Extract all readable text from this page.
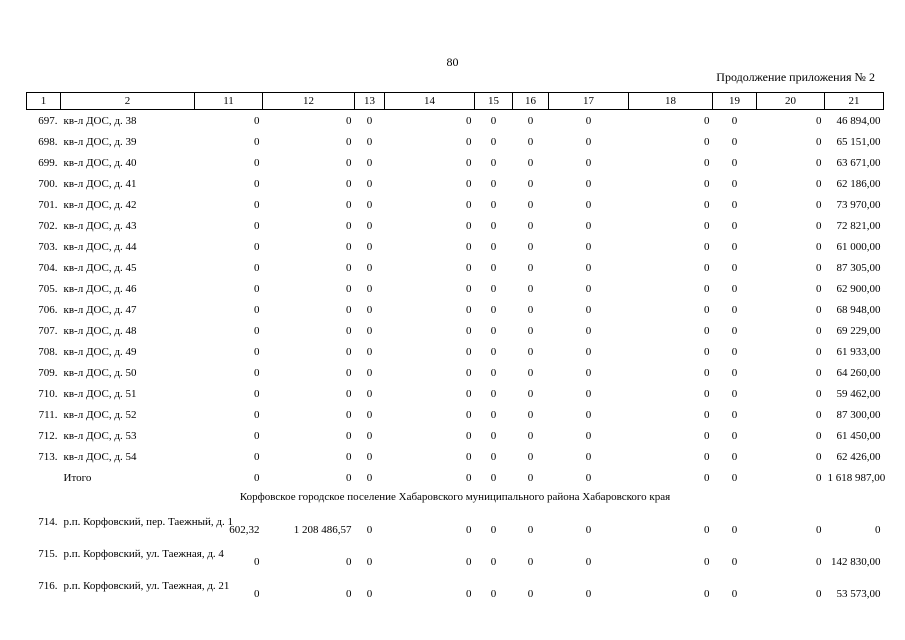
80
Продолжение приложения № 2
1	2	11	12	13	14	15	16	17	18	19	20	21
697.	кв-л ДОС, д. 38	0	0	0	0	0	0	0	0	0	0	46 894,00
698.	кв-л ДОС, д. 39	0	0	0	0	0	0	0	0	0	0	65 151,00
699.	кв-л ДОС, д. 40	0	0	0	0	0	0	0	0	0	0	63 671,00
700.	кв-л ДОС, д. 41	0	0	0	0	0	0	0	0	0	0	62 186,00
701.	кв-л ДОС, д. 42	0	0	0	0	0	0	0	0	0	0	73 970,00
702.	кв-л ДОС, д. 43	0	0	0	0	0	0	0	0	0	0	72 821,00
703.	кв-л ДОС, д. 44	0	0	0	0	0	0	0	0	0	0	61 000,00
704.	кв-л ДОС, д. 45	0	0	0	0	0	0	0	0	0	0	87 305,00
705.	кв-л ДОС, д. 46	0	0	0	0	0	0	0	0	0	0	62 900,00
706.	кв-л ДОС, д. 47	0	0	0	0	0	0	0	0	0	0	68 948,00
707.	кв-л ДОС, д. 48	0	0	0	0	0	0	0	0	0	0	69 229,00
708.	кв-л ДОС, д. 49	0	0	0	0	0	0	0	0	0	0	61 933,00
709.	кв-л ДОС, д. 50	0	0	0	0	0	0	0	0	0	0	64 260,00
710.	кв-л ДОС, д. 51	0	0	0	0	0	0	0	0	0	0	59 462,00
711.	кв-л ДОС, д. 52	0	0	0	0	0	0	0	0	0	0	87 300,00
712.	кв-л ДОС, д. 53	0	0	0	0	0	0	0	0	0	0	61 450,00
713.	кв-л ДОС, д. 54	0	0	0	0	0	0	0	0	0	0	62 426,00
	Итого	0	0	0	0	0	0	0	0	0	0	1 618 987,00
Корфовское городское поселение Хабаровского муниципального района Хабаровского края												
714.	р.п. Корфовский, пер. Таежный, д. 1	602,32	1 208 486,57	0	0	0	0	0	0	0	0	0
715.	р.п. Корфовский, ул. Таежная, д. 4	0	0	0	0	0	0	0	0	0	0	142 830,00
716.	р.п. Корфовский, ул. Таежная, д. 21	0	0	0	0	0	0	0	0	0	0	53 573,00
